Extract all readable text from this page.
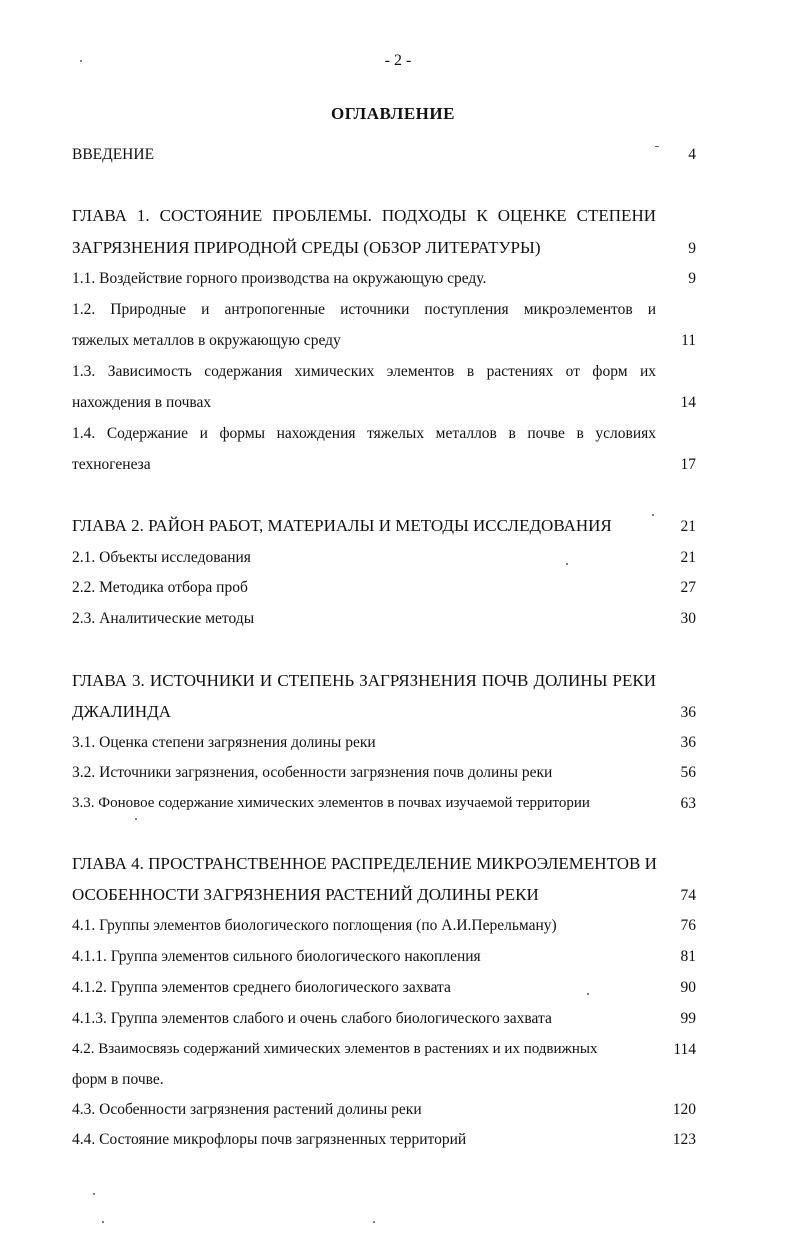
- 2 -
ОГЛАВЛЕНИЕ
ВВЕДЕНИЕ	4
ГЛАВА 1. СОСТОЯНИЕ ПРОБЛЕМЫ. ПОДХОДЫ К ОЦЕНКЕ СТЕПЕНИ
ЗАГРЯЗНЕНИЯ ПРИРОДНОЙ СРЕДЫ (ОБЗОР ЛИТЕРАТУРЫ)	9
1.1. Воздействие горного производства на окружающую среду.	9
1.2. Природные и антропогенные источники поступления микроэлементов и
тяжелых металлов в окружающую среду	11
1.3. Зависимость содержания химических элементов в растениях от форм их
нахождения в почвах	14
1.4. Содержание и формы нахождения тяжелых металлов в почве в условиях
техногенеза	17
ГЛАВА 2. РАЙОН РАБОТ, МАТЕРИАЛЫ И МЕТОДЫ ИССЛЕДОВАНИЯ	21
2.1. Объекты исследования	21
2.2. Методика отбора проб	27
2.3. Аналитические методы	30
ГЛАВА 3. ИСТОЧНИКИ И СТЕПЕНЬ ЗАГРЯЗНЕНИЯ ПОЧВ ДОЛИНЫ РЕКИ
ДЖАЛИНДА	36
3.1. Оценка степени загрязнения долины реки	36
3.2. Источники загрязнения, особенности загрязнения почв долины реки	56
3.3. Фоновое содержание химических элементов в почвах изучаемой территории	63
ГЛАВА 4. ПРОСТРАНСТВЕННОЕ РАСПРЕДЕЛЕНИЕ МИКРОЭЛЕМЕНТОВ И
ОСОБЕННОСТИ ЗАГРЯЗНЕНИЯ РАСТЕНИЙ ДОЛИНЫ РЕКИ	74
4.1. Группы элементов биологического поглощения (по А.И.Перельману)	76
4.1.1. Группа элементов сильного биологического накопления	81
4.1.2. Группа элементов среднего биологического захвата	90
4.1.3. Группа элементов слабого и очень слабого биологического захвата	99
4.2. Взаимосвязь содержаний химических элементов в растениях и их подвижных
форм в почве.
114
4.3. Особенности загрязнения растений долины реки	120
4.4. Состояние микрофлоры почв загрязненных территорий	123
